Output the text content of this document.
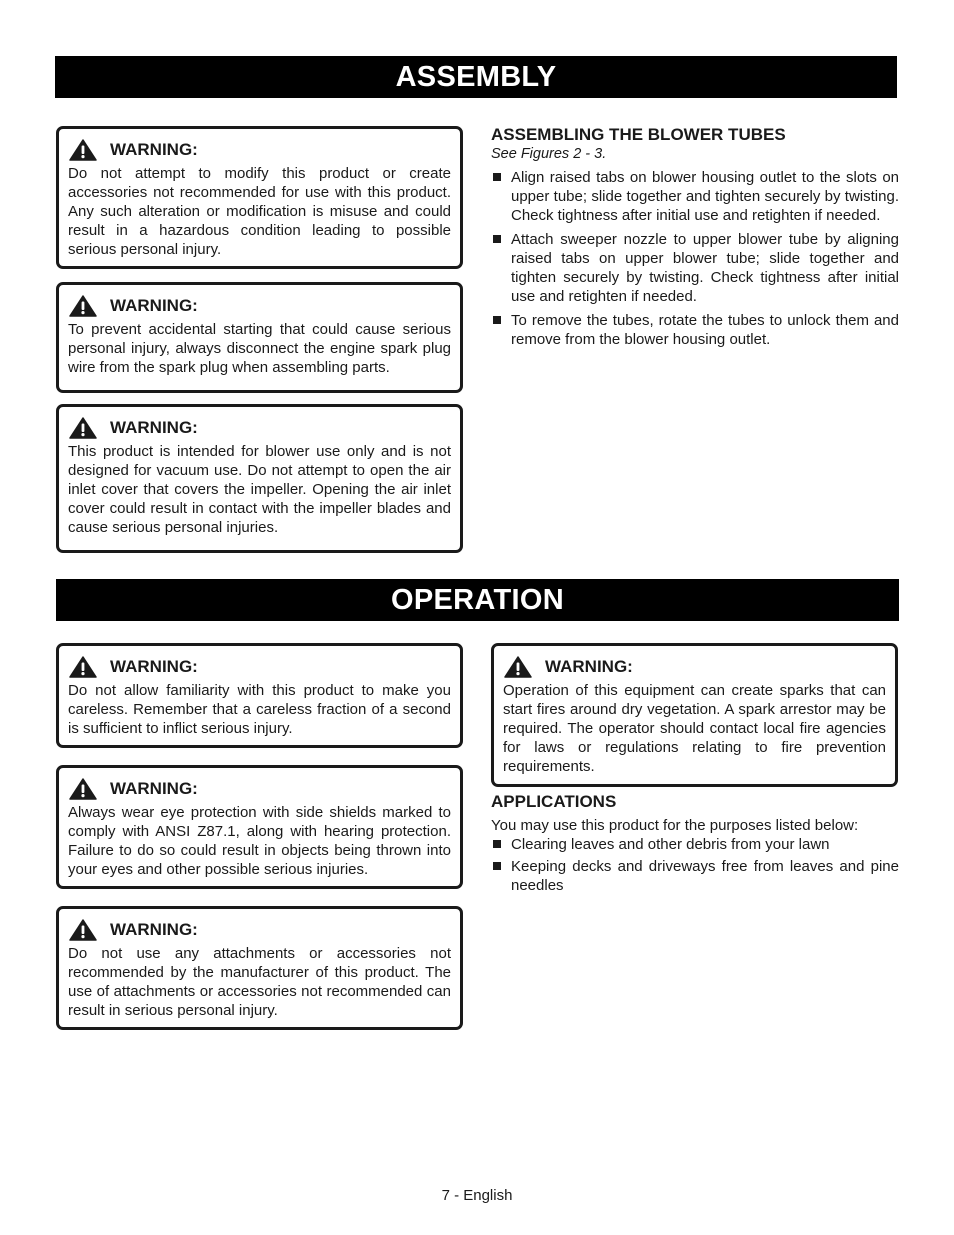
ASSEMBLY
WARNING:

Do not attempt to modify this product or create accessories not recommended for use with this product. Any such alteration or modification is misuse and could result in a hazardous condition leading to possible serious personal injury.

WARNING:

To prevent accidental starting that could cause serious personal injury, always disconnect the engine spark plug wire from the spark plug when assembling parts.

WARNING:

This product is intended for blower use only and is not designed for vacuum use. Do not attempt to open the air inlet cover that covers the impeller. Opening the air inlet cover could result in contact with the impeller blades and cause serious personal injuries.

ASSEMBLING THE BLOWER TUBES
See Figures 2 - 3.
Align raised tabs on blower housing outlet to the slots on upper tube; slide together and tighten securely by twisting. Check tightness after initial use and retighten if needed.
Attach sweeper nozzle to upper blower tube by aligning raised tabs on upper blower tube; slide together and tighten securely by twisting. Check tightness after initial use and retighten if needed.
To remove the tubes, rotate the tubes to unlock them and remove from the blower housing outlet.
OPERATION
WARNING:

Do not allow familiarity with this product to make you careless. Remember that a careless fraction of a second is sufficient to inflict serious injury.

WARNING:

Always wear eye protection with side shields marked to comply with ANSI Z87.1, along with hearing protection. Failure to do so could result in objects being thrown into your eyes and other possible serious injuries.

WARNING:

Do not use any attachments or accessories not recommended by the manufacturer of this product. The use of attachments or accessories not recommended can result in serious personal injury.

WARNING:

Operation of this equipment can create sparks that can start fires around dry vegetation. A spark arrestor may be required. The operator should contact local fire agencies for laws or regulations relating to fire prevention requirements.

APPLICATIONS

You may use this product for the purposes listed below:

Clearing leaves and other debris from your lawn
Keeping decks and driveways free from leaves and pine needles
7 - English
